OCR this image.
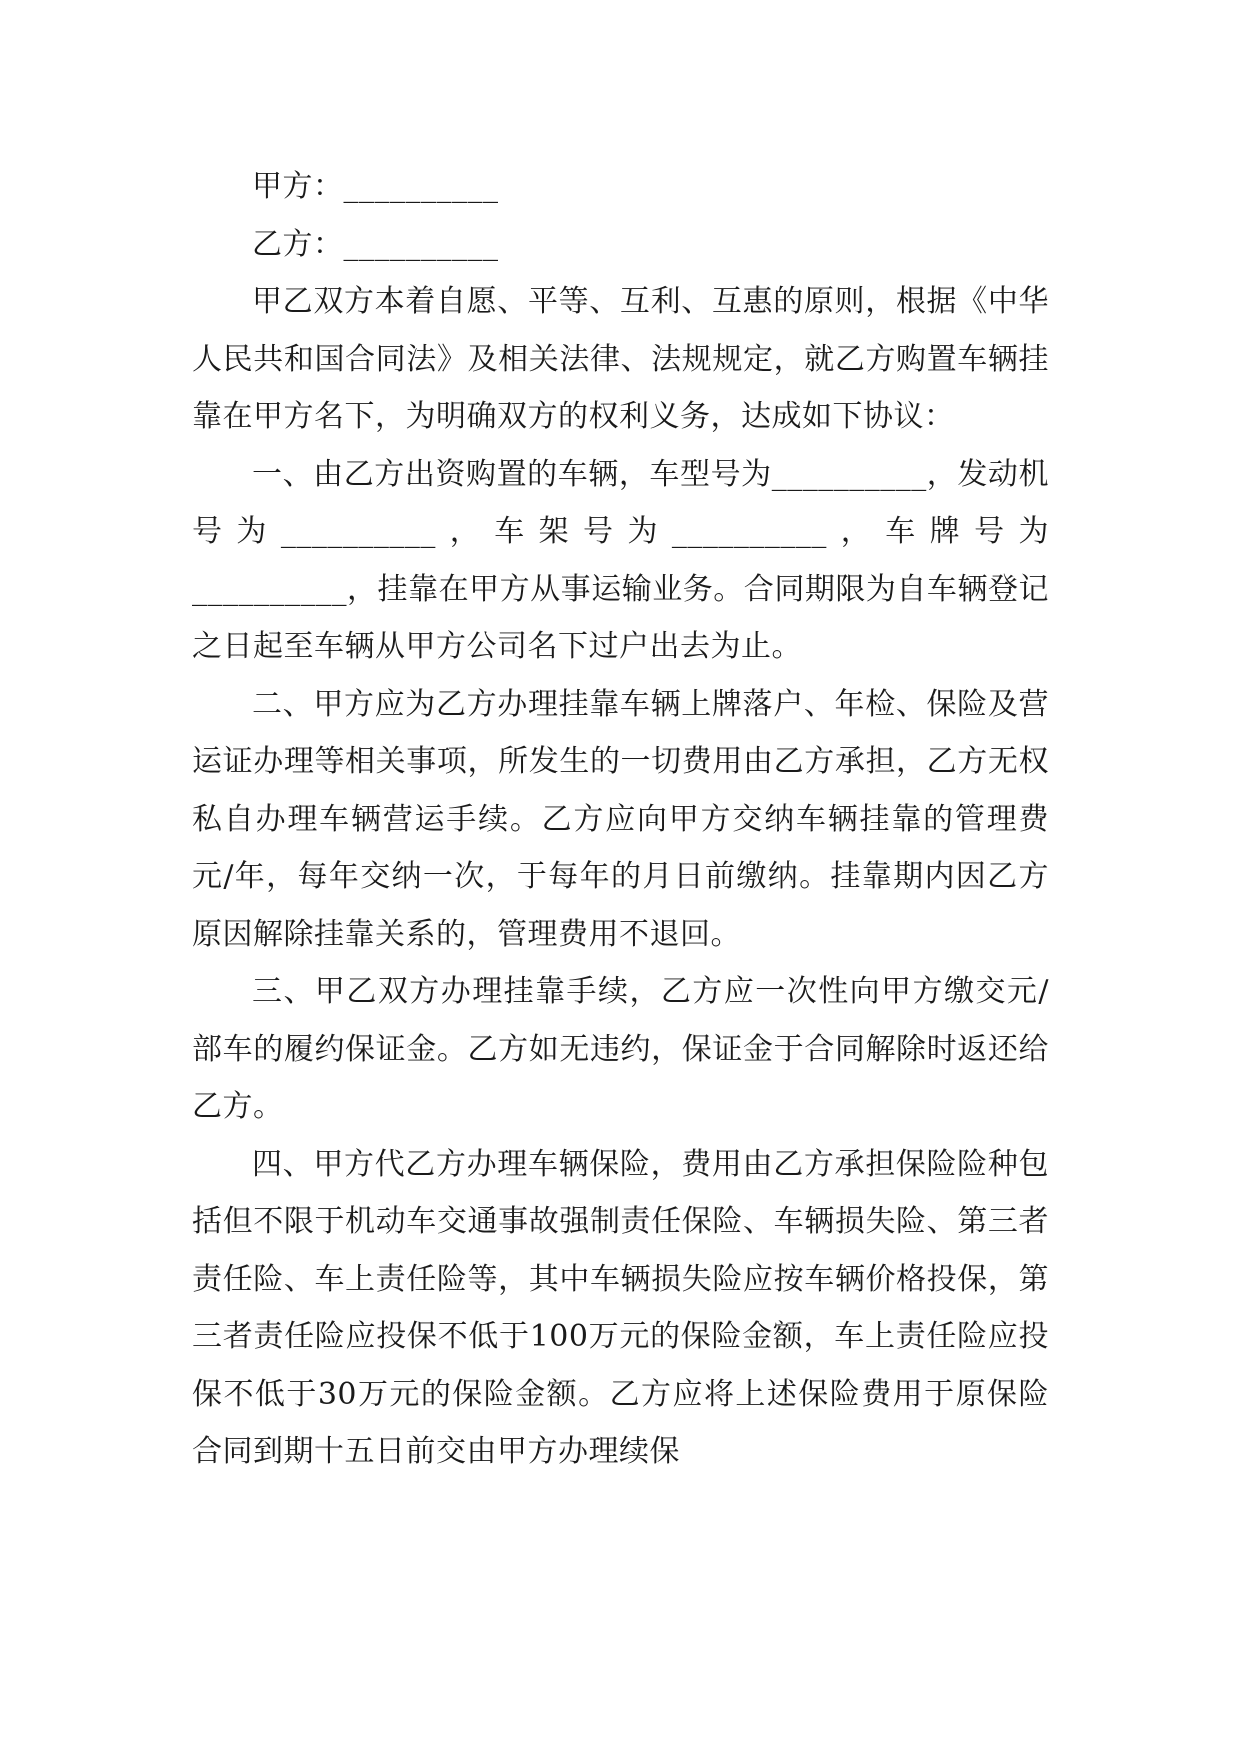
甲方：__________

乙方：__________

甲乙双方本着自愿、平等、互利、互惠的原则，根据《中华人民共和国合同法》及相关法律、法规规定，就乙方购置车辆挂靠在甲方名下，为明确双方的权利义务，达成如下协议：

一、由乙方出资购置的车辆，车型号为__________，发动机号为__________，车架号为__________，车牌号为__________，挂靠在甲方从事运输业务。合同期限为自车辆登记之日起至车辆从甲方公司名下过户出去为止。

二、甲方应为乙方办理挂靠车辆上牌落户、年检、保险及营运证办理等相关事项，所发生的一切费用由乙方承担，乙方无权私自办理车辆营运手续。乙方应向甲方交纳车辆挂靠的管理费元/年，每年交纳一次，于每年的月日前缴纳。挂靠期内因乙方原因解除挂靠关系的，管理费用不退回。

三、甲乙双方办理挂靠手续，乙方应一次性向甲方缴交元/部车的履约保证金。乙方如无违约，保证金于合同解除时返还给乙方。

四、甲方代乙方办理车辆保险，费用由乙方承担保险险种包括但不限于机动车交通事故强制责任保险、车辆损失险、第三者责任险、车上责任险等，其中车辆损失险应按车辆价格投保，第三者责任险应投保不低于100万元的保险金额，车上责任险应投保不低于30万元的保险金额。乙方应将上述保险费用于原保险合同到期十五日前交由甲方办理续保
